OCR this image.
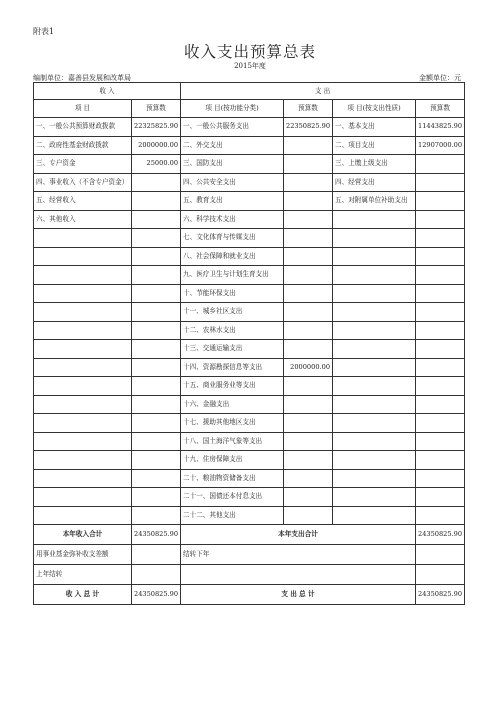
附表1
收入支出预算总表
2015年度
编制单位：嘉善县发展和改革局	金额单位：元
收 入		支 出			
项 目	预算数	项 目(按功能分类)	预算数	项 目(按支出性质)	预算数
一、一般公共预算财政拨款	22325825.90	一、一般公共服务支出	22350825.90	一、基本支出	11443825.90
二、政府性基金财政拨款	2000000.00	二、外交支出		二、项目支出	12907000.00
三、专户资金	25000.00	三、国防支出		三、上缴上级支出	
四、事业收入（不含专户资金）		四、公共安全支出		四、经营支出	
五、经营收入		五、教育支出		五、对附属单位补助支出	
六、其他收入		六、科学技术支出			
		七、文化体育与传媒支出			
		八、社会保障和就业支出			
		九、医疗卫生与计划生育支出			
		十、节能环保支出			
		十一、城乡社区支出			
		十二、农林水支出			
		十三、交通运输支出			
		十四、资源勘探信息等支出	2000000.00		
		十五、商业服务业等支出			
		十六、金融支出			
		十七、援助其他地区支出			
		十八、国土海洋气象等支出			
		十九、住房保障支出			
		二十、粮油物资储备支出			
		二十一、国债还本付息支出			
		二十二、其他支出			
本年收入合计	24350825.90	本年支出合计			24350825.90
用事业基金弥补收支差额		结转下年			
上年结转					
收 入 总 计	24350825.90	支 出 总 计			24350825.90
